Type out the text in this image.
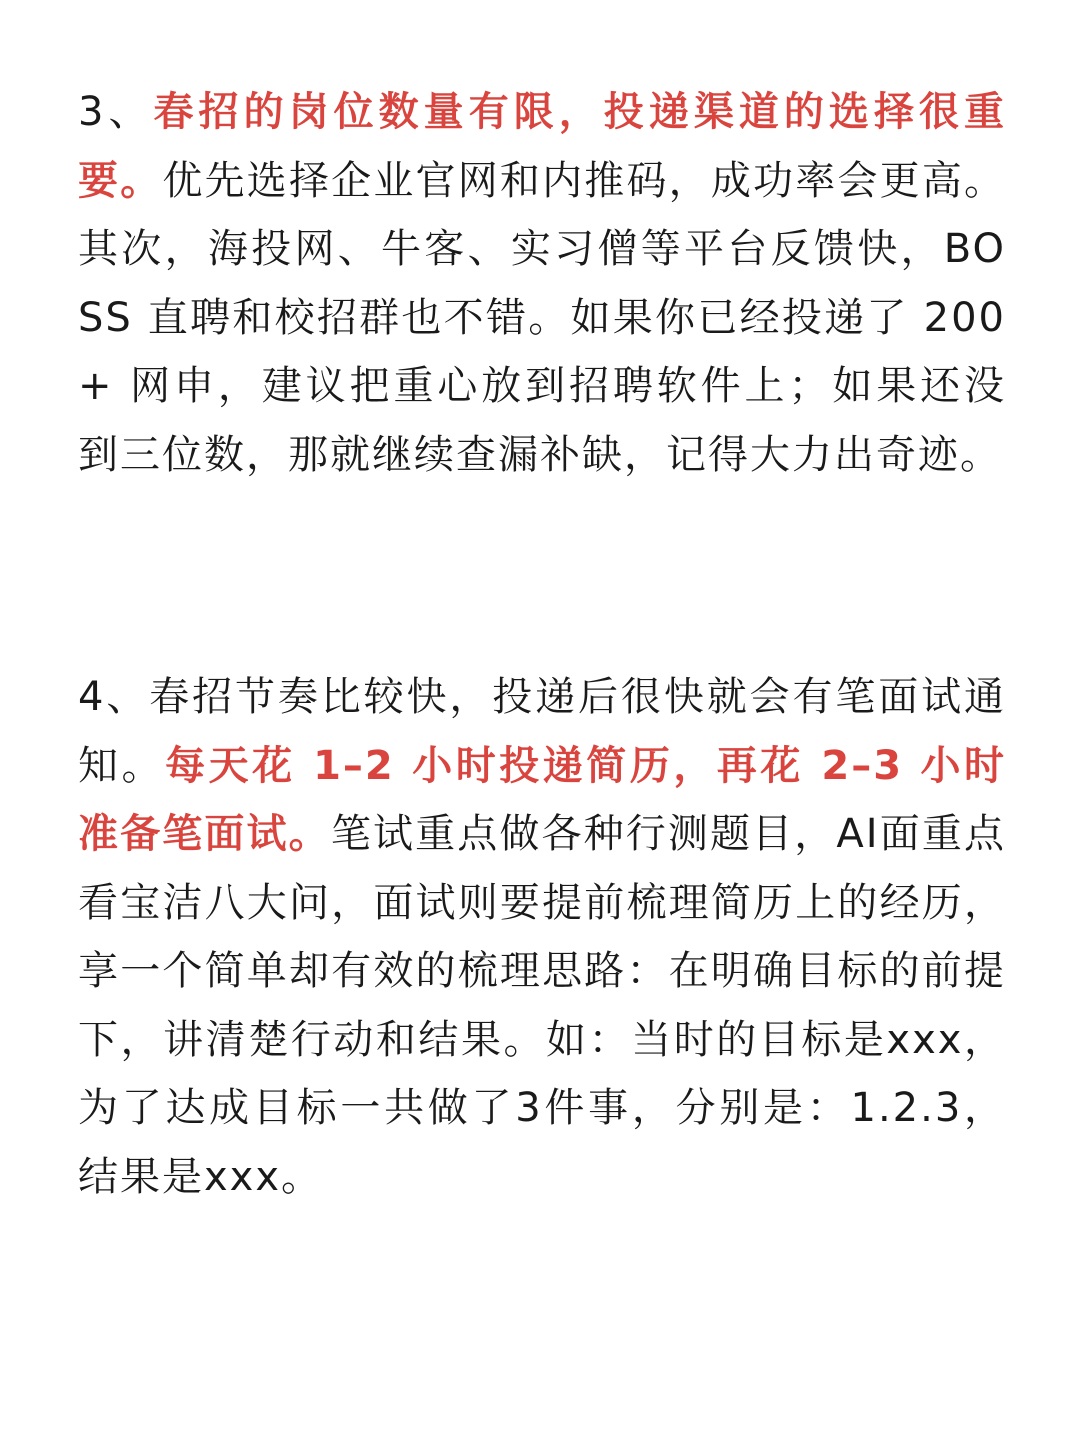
3、春招的岗位数量有限，投递渠道的选择很重要。优先选择企业官网和内推码，成功率会更高。其次，海投网、牛客、实习僧等平台反馈快，BOSS 直聘和校招群也不错。如果你已经投递了 200+ 网申，建议把重心放到招聘软件上；如果还没到三位数，那就继续查漏补缺，记得大力出奇迹。

4、春招节奏比较快，投递后很快就会有笔面试通知。每天花 1–2 小时投递简历，再花 2–3 小时准备笔面试。笔试重点做各种行测题目，AI面重点看宝洁八大问，面试则要提前梳理简历上的经历，享一个简单却有效的梳理思路：在明确目标的前提下，讲清楚行动和结果。如：当时的目标是xxx，为了达成目标一共做了3件事，分别是：1.2.3，结果是xxx。
